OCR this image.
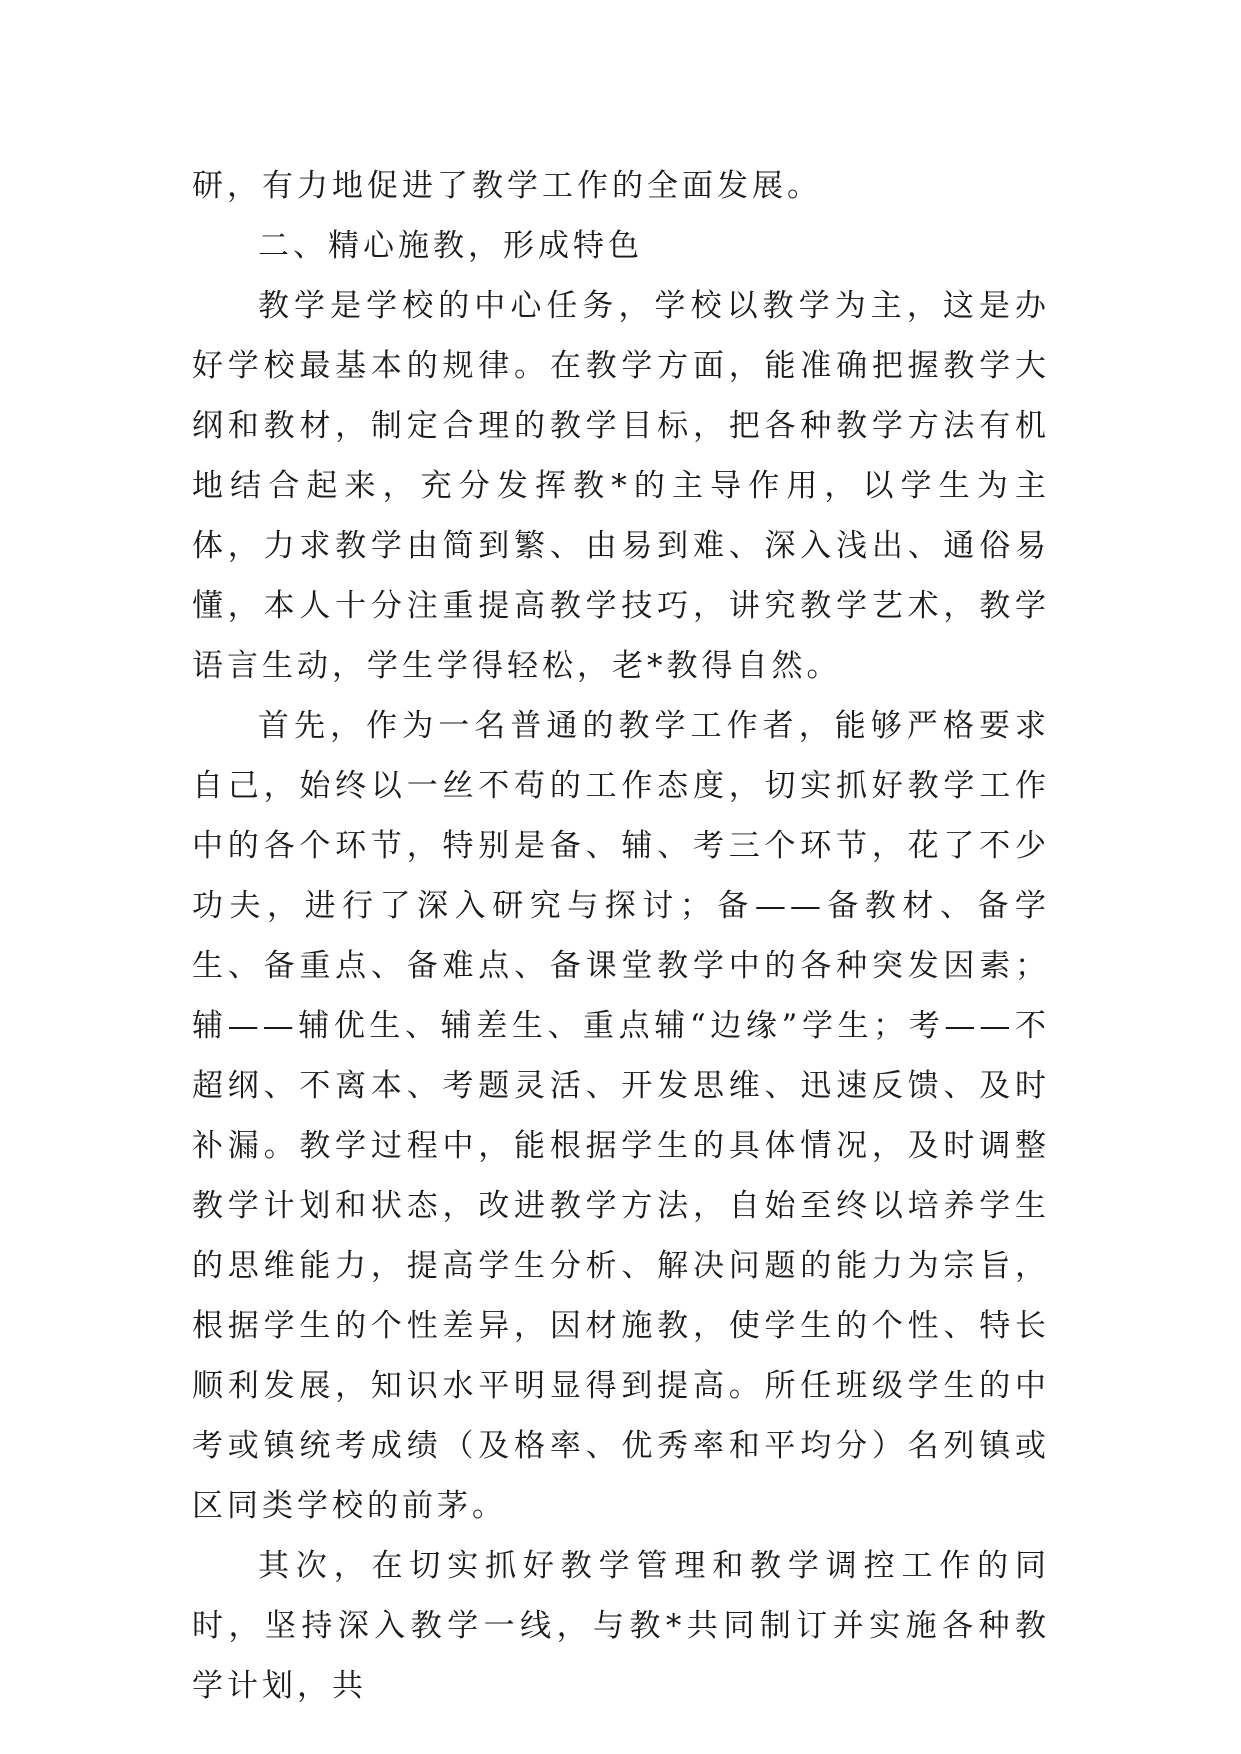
研，有力地促进了教学工作的全面发展。

二、精心施教，形成特色

教学是学校的中心任务，学校以教学为主，这是办好学校最基本的规律。在教学方面，能准确把握教学大纲和教材，制定合理的教学目标，把各种教学方法有机地结合起来，充分发挥教*的主导作用，以学生为主体，力求教学由简到繁、由易到难、深入浅出、通俗易懂，本人十分注重提高教学技巧，讲究教学艺术，教学语言生动，学生学得轻松，老*教得自然。

首先，作为一名普通的教学工作者，能够严格要求自己，始终以一丝不苟的工作态度，切实抓好教学工作中的各个环节，特别是备、辅、考三个环节，花了不少功夫，进行了深入研究与探讨；备——备教材、备学生、备重点、备难点、备课堂教学中的各种突发因素；辅——辅优生、辅差生、重点辅“边缘”学生；考——不超纲、不离本、考题灵活、开发思维、迅速反馈、及时补漏。教学过程中，能根据学生的具体情况，及时调整教学计划和状态，改进教学方法，自始至终以培养学生的思维能力，提高学生分析、解决问题的能力为宗旨，根据学生的个性差异，因材施教，使学生的个性、特长顺利发展，知识水平明显得到提高。所任班级学生的中考或镇统考成绩（及格率、优秀率和平均分）名列镇或区同类学校的前茅。

其次，在切实抓好教学管理和教学调控工作的同时，坚持深入教学一线，与教*共同制订并实施各种教学计划，共
